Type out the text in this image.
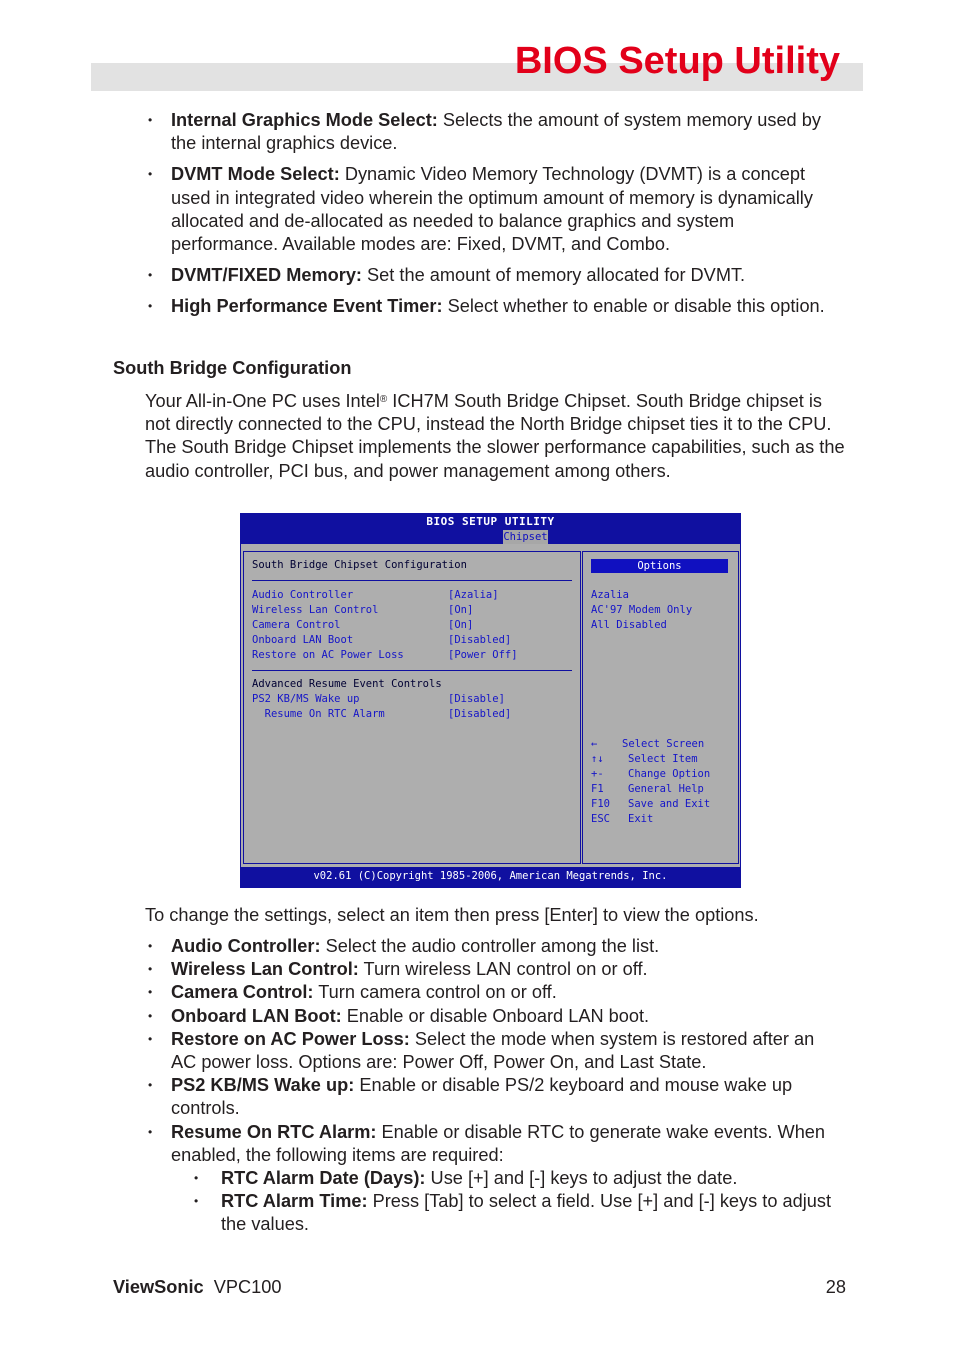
BIOS Setup Utility
• Internal Graphics Mode Select: Selects the amount of system memory used by the internal graphics device.
• DVMT Mode Select: Dynamic Video Memory Technology (DVMT) is a concept used in integrated video wherein the optimum amount of memory is dynamically allocated and de-allocated as needed to balance graphics and system performance. Available modes are: Fixed, DVMT, and Combo.
• DVMT/FIXED Memory: Set the amount of memory allocated for DVMT.
• High Performance Event Timer: Select whether to enable or disable this option.
South Bridge Configuration
Your All-in-One PC uses Intel® ICH7M South Bridge Chipset. South Bridge chipset is not directly connected to the CPU, instead the North Bridge chipset ties it to the CPU. The South Bridge Chipset implements the slower performance capabilities, such as the audio controller, PCI bus, and power management among others.
BIOS SETUP UTILITY
Chipset
South Bridge Chipset Configuration
Audio Controller	[Azalia]
Wireless Lan Control	[On]
Camera Control	[On]
Onboard LAN Boot	[Disabled]
Restore on AC Power Loss	[Power Off]
Advanced Resume Event Controls
PS2 KB/MS Wake up	[Disable]
Resume On RTC Alarm	[Disabled]
Options
Azalia
AC'97 Modem Only
All Disabled
← Select Screen
↑↓ Select Item
+- Change Option
F1 General Help
F10 Save and Exit
ESC Exit
v02.61 (C)Copyright 1985-2006, American Megatrends, Inc.
To change the settings, select an item then press [Enter] to view the options.
• Audio Controller: Select the audio controller among the list.
• Wireless Lan Control: Turn wireless LAN control on or off.
• Camera Control: Turn camera control on or off.
• Onboard LAN Boot: Enable or disable Onboard LAN boot.
• Restore on AC Power Loss: Select the mode when system is restored after an AC power loss. Options are: Power Off, Power On, and Last State.
• PS2 KB/MS Wake up: Enable or disable PS/2 keyboard and mouse wake up controls.
• Resume On RTC Alarm: Enable or disable RTC to generate wake events. When enabled, the following items are required:
• RTC Alarm Date (Days): Use [+] and [-] keys to adjust the date.
• RTC Alarm Time: Press [Tab] to select a field. Use [+] and [-] keys to adjust the values.
ViewSonic VPC100	28
